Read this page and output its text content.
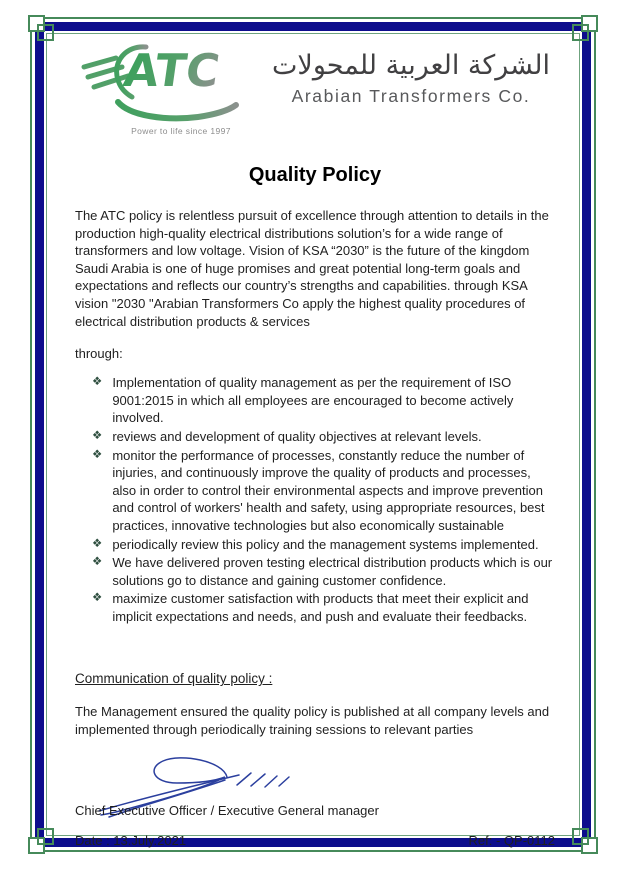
ATC
Power to life since 1997
الشركة العربية للمحولات
Arabian Transformers Co.
Quality Policy

The ATC policy is relentless pursuit of excellence through attention to details in the production high-quality electrical distributions solution’s for a wide range of transformers and low voltage. Vision of KSA “2030” is the future of the kingdom Saudi Arabia is one of huge promises and great potential long-term goals and expectations and reflects our country’s strengths and capabilities. through KSA vision "2030 "Arabian Transformers Co apply the highest quality procedures of electrical distribution products & services

through:

❖ Implementation of quality management as per the requirement of ISO 9001:2015 in which all employees are encouraged to become actively involved.
❖ reviews and development of quality objectives at relevant levels.
❖ monitor the performance of processes, constantly reduce the number of injuries, and continuously improve the quality of products and processes, also in order to control their environmental aspects and improve prevention and control of workers' health and safety, using appropriate resources, best practices, innovative technologies but also economically sustainable
❖ periodically review this policy and the management systems implemented.
❖ We have delivered proven testing electrical distribution products which is our solutions go to distance and gaining customer confidence.
❖ maximize customer satisfaction with products that meet their explicit and implicit expectations and needs, and push and evaluate their feedbacks.
Communication of quality policy :

The Management ensured the quality policy is published at all company levels and implemented through periodically training sessions to relevant parties

Chief Executive Officer / Executive General manager
Date : 13.July.2021	Ref: - QP-0112
